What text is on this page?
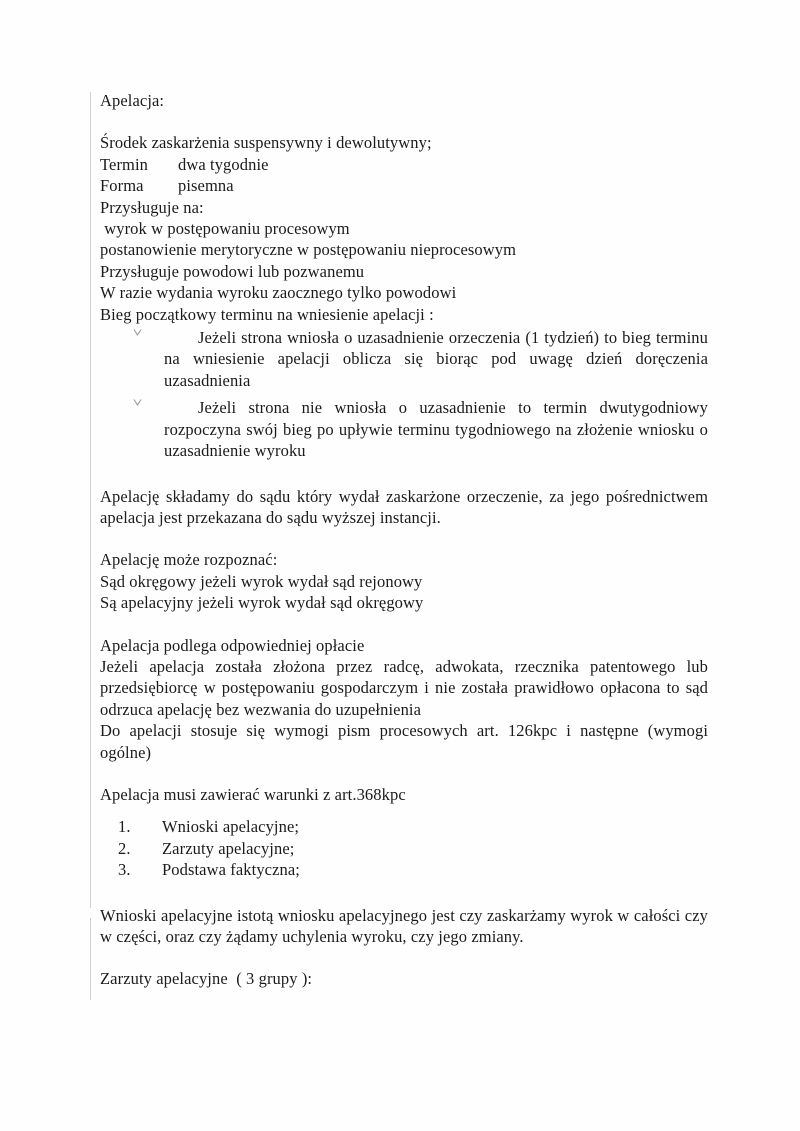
Apelacja:
Środek zaskarżenia suspensywny i dewolutywny;
Termin dwa tygodnie
Forma pisemna
Przysługuje na:
wyrok w postępowaniu procesowym
postanowienie merytoryczne w postępowaniu nieprocesowym
Przysługuje powodowi lub pozwanemu
W razie wydania wyroku zaocznego tylko powodowi
Bieg początkowy terminu na wniesienie apelacji :
Jeżeli strona wniosła o uzasadnienie orzeczenia (1 tydzień) to bieg terminu na wniesienie apelacji oblicza się biorąc pod uwagę dzień doręczenia uzasadnienia
Jeżeli strona nie wniosła o uzasadnienie to termin dwutygodniowy rozpoczyna swój bieg po upływie terminu tygodniowego na złożenie wniosku o uzasadnienie wyroku
Apelację składamy do sądu który wydał zaskarżone orzeczenie, za jego pośrednictwem apelacja jest przekazana do sądu wyższej instancji.
Apelację może rozpoznać:
Sąd okręgowy jeżeli wyrok wydał sąd rejonowy
Są apelacyjny jeżeli wyrok wydał sąd okręgowy
Apelacja podlega odpowiedniej opłacie
Jeżeli apelacja została złożona przez radcę, adwokata, rzecznika patentowego lub przedsiębiorcę w postępowaniu gospodarczym i nie została prawidłowo opłacona to sąd odrzuca apelację bez wezwania do uzupełnienia
Do apelacji stosuje się wymogi pism procesowych art. 126kpc i następne (wymogi ogólne)
Apelacja musi zawierać warunki z art.368kpc
1.	Wnioski apelacyjne;
2.	Zarzuty apelacyjne;
3.	Podstawa faktyczna;
Wnioski apelacyjne istotą wniosku apelacyjnego jest czy zaskarżamy wyrok w całości czy w części, oraz czy żądamy uchylenia wyroku, czy jego zmiany.
Zarzuty apelacyjne  ( 3 grupy ):
